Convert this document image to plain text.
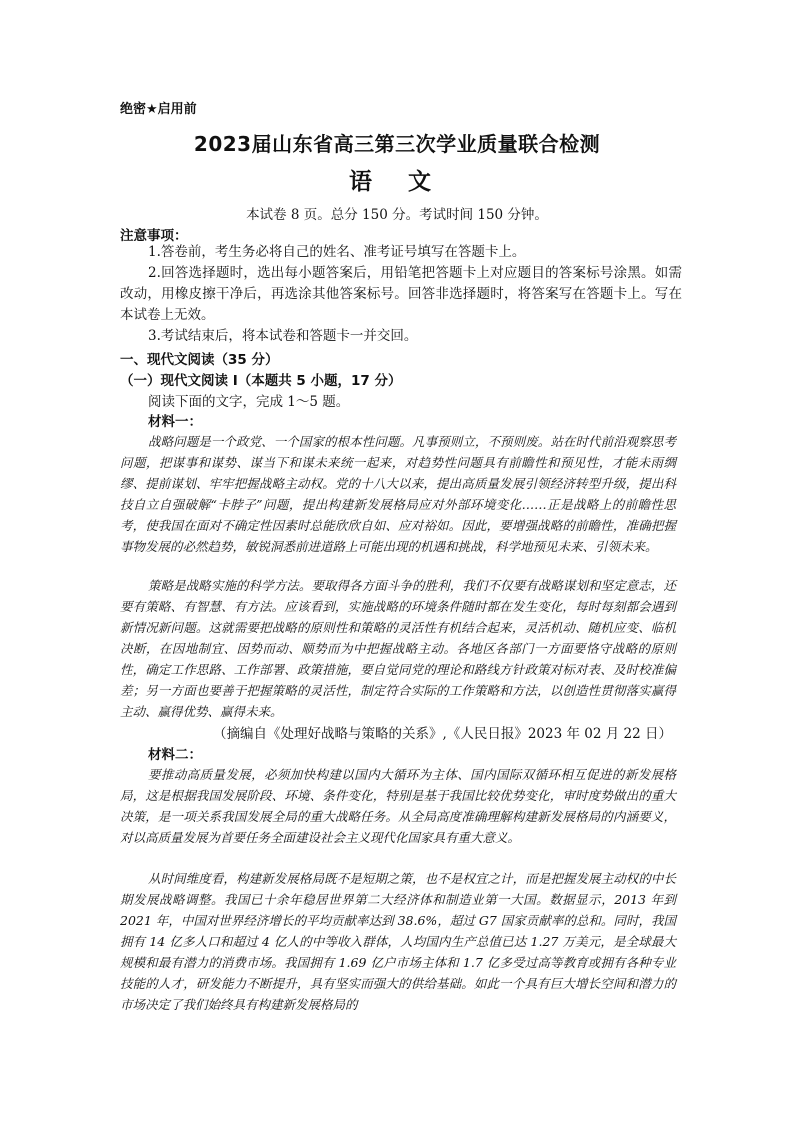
绝密★启用前
2023届山东省高三第三次学业质量联合检测
语 文
本试卷 8 页。总分 150 分。考试时间 150 分钟。
注意事项：
1.答卷前，考生务必将自己的姓名、准考证号填写在答题卡上。
2.回答选择题时，选出每小题答案后，用铅笔把答题卡上对应题目的答案标号涂黑。如需改动，用橡皮擦干净后，再选涂其他答案标号。回答非选择题时，将答案写在答题卡上。写在本试卷上无效。
3.考试结束后，将本试卷和答题卡一并交回。
一、现代文阅读（35 分）
（一）现代文阅读 I（本题共 5 小题，17 分）
阅读下面的文字，完成 1～5 题。
材料一：
战略问题是一个政党、一个国家的根本性问题。凡事预则立，不预则废。站在时代前沿观察思考问题，把谋事和谋势、谋当下和谋未来统一起来，对趋势性问题具有前瞻性和预见性，才能未雨绸缪、提前谋划、牢牢把握战略主动权。党的十八大以来，提出高质量发展引领经济转型升级，提出科技自立自强破解“卡脖子”问题，提出构建新发展格局应对外部环境变化……正是战略上的前瞻性思考，使我国在面对不确定性因素时总能欣欣自如、应对裕如。因此，要增强战略的前瞻性，准确把握事物发展的必然趋势，敏锐洞悉前进道路上可能出现的机遇和挑战，科学地预见未来、引领未来。
策略是战略实施的科学方法。要取得各方面斗争的胜利，我们不仅要有战略谋划和坚定意志，还要有策略、有智慧、有方法。应该看到，实施战略的环境条件随时都在发生变化，每时每刻都会遇到新情况新问题。这就需要把战略的原则性和策略的灵活性有机结合起来，灵活机动、随机应变、临机决断，在因地制宜、因势而动、顺势而为中把握战略主动。各地区各部门一方面要恪守战略的原则性，确定工作思路、工作部署、政策措施，要自觉同党的理论和路线方针政策对标对表、及时校准偏差；另一方面也要善于把握策略的灵活性，制定符合实际的工作策略和方法，以创造性贯彻落实赢得主动、赢得优势、赢得未来。
（摘编自《处理好战略与策略的关系》,《人民日报》2023 年 02 月 22 日）
材料二：
要推动高质量发展，必须加快构建以国内大循环为主体、国内国际双循环相互促进的新发展格局，这是根据我国发展阶段、环境、条件变化，特别是基于我国比较优势变化，审时度势做出的重大决策，是一项关系我国发展全局的重大战略任务。从全局高度准确理解构建新发展格局的内涵要义，对以高质量发展为首要任务全面建设社会主义现代化国家具有重大意义。
从时间维度看，构建新发展格局既不是短期之策，也不是权宜之计，而是把握发展主动权的中长期发展战略调整。我国已十余年稳居世界第二大经济体和制造业第一大国。数据显示，2013 年到 2021 年，中国对世界经济增长的平均贡献率达到 38.6%，超过 G7 国家贡献率的总和。同时，我国拥有 14 亿多人口和超过 4 亿人的中等收入群体，人均国内生产总值已达 1.27 万美元，是全球最大规模和最有潜力的消费市场。我国拥有 1.69 亿户市场主体和 1.7 亿多受过高等教育或拥有各种专业技能的人才，研发能力不断提升，具有坚实而强大的供给基础。如此一个具有巨大增长空间和潜力的市场决定了我们始终具有构建新发展格局的
